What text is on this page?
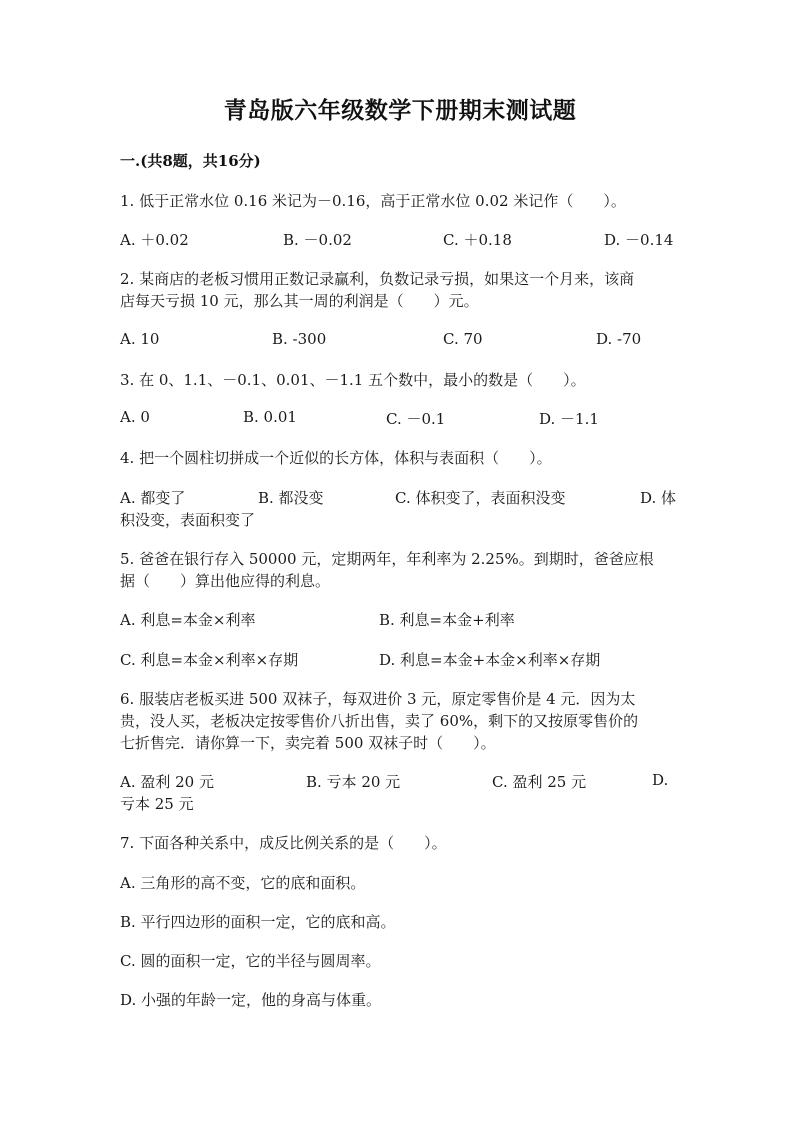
青岛版六年级数学下册期末测试题
一.(共8题，共16分)
1. 低于正常水位 0.16 米记为－0.16，高于正常水位 0.02 米记作（　　）。
A. ＋0.02	B. －0.02	C. ＋0.18	D. －0.14
2. 某商店的老板习惯用正数记录赢利，负数记录亏损，如果这一个月来，该商
店每天亏损 10 元，那么其一周的利润是（　　）元。
A. 10	B. -300	C. 70	D. -70
3. 在 0、1.1、－0.1、0.01、－1.1 五个数中，最小的数是（　　）。
A. 0	B. 0.01	C. －0.1	D. －1.1
4. 把一个圆柱切拼成一个近似的长方体，体积与表面积（　　）。
A. 都变了	B. 都没变	C. 体积变了，表面积没变	D. 体
积没变，表面积变了
5. 爸爸在银行存入 50000 元，定期两年，年利率为 2.25%。到期时，爸爸应根
据（　　）算出他应得的利息。
A. 利息=本金×利率	B. 利息=本金+利率
C. 利息=本金×利率×存期	D. 利息=本金+本金×利率×存期
6. 服装店老板买进 500 双袜子，每双进价 3 元，原定零售价是 4 元．因为太
贵，没人买，老板决定按零售价八折出售，卖了 60%，剩下的又按原零售价的
七折售完．请你算一下，卖完着 500 双袜子时（　　）。
A. 盈利 20 元	B. 亏本 20 元	C. 盈利 25 元	D.
亏本 25 元
7. 下面各种关系中，成反比例关系的是（　　）。
A. 三角形的高不变，它的底和面积。
B. 平行四边形的面积一定，它的底和高。
C. 圆的面积一定，它的半径与圆周率。
D. 小强的年龄一定，他的身高与体重。
